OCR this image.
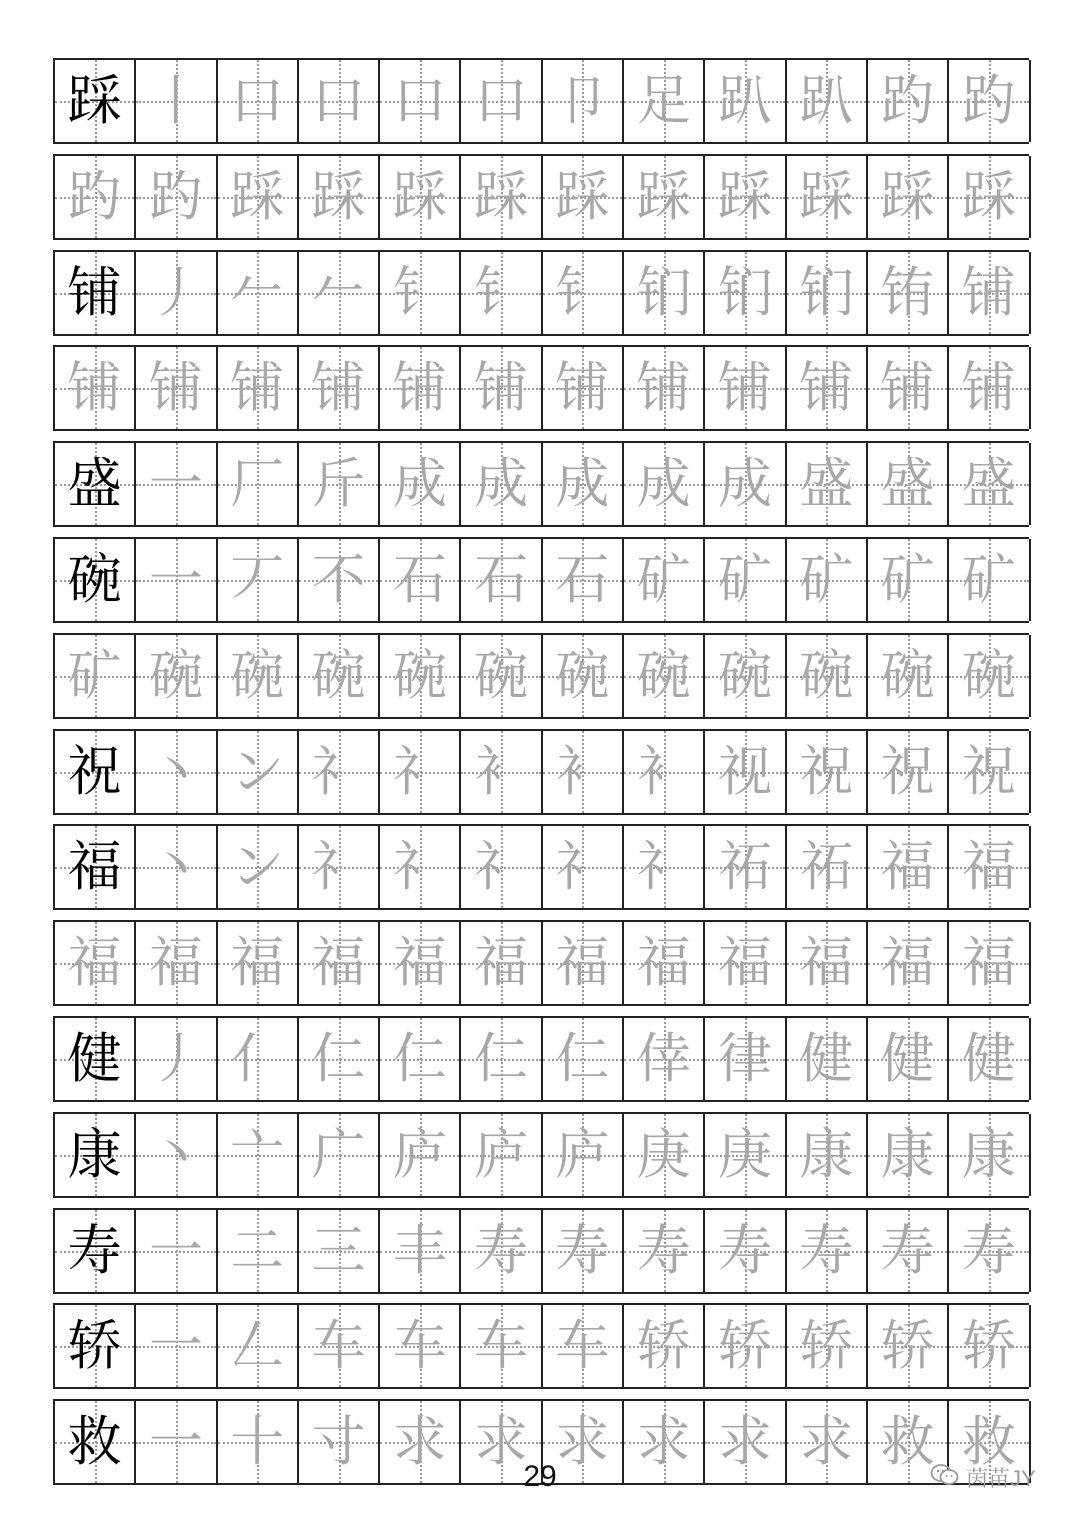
踩 丨 口 口 口 口 卩 足 趴 趴 趵 趵
趵 趵 踩 踩 踩 踩 踩 踩 踩 踩 踩 踩
铺 丿 𠂉 𠂉 钅 钅 钅 钔 钔 钔 铕 铺
铺 铺 铺 铺 铺 铺 铺 铺 铺 铺 铺 铺
盛 一 厂 斤 成 成 成 成 成 盛 盛 盛
碗 一 丆 不 石 石 石 矿 矿 矿 矿 矿
矿 碗 碗 碗 碗 碗 碗 碗 碗 碗 碗 碗
祝 丶 ン 礻 礻 衤 衤 衤 视 祝 祝 祝
福 丶 ン 礻 礻 礻 礻 礻 祏 祏 福 福
福 福 福 福 福 福 福 福 福 福 福 福
健 丿 亻 仁 仁 仁 仁 倖 律 健 健 健
康 丶 亠 广 庐 庐 庐 庚 庚 康 康 康
寿 一 二 三 丰 寿 寿 寿 寿 寿 寿 寿
轿 一 𠃋 车 车 车 车 轿 轿 轿 轿 轿
救 一 十 寸 求 求 求 求 求 求 救 救
29	茵苗JY
